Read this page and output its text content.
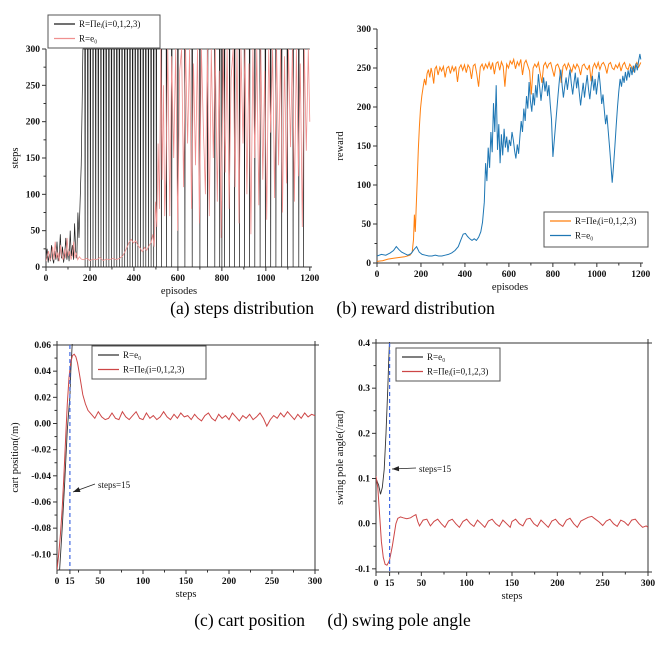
0	200	400	600	800	1000	1200
0
50
100
150
200
250
300
episodes
steps
R=Πeᵢ(i=0,1,2,3)
R=e₀
0	200	400	600	800	1000	1200
0
50
100
150
200
250
300
episodes
reward
R=Πeᵢ(i=0,1,2,3)
R=e₀
(a) steps distribution (b) reward distribution
0 15 50	100	150	200	250	300
0.06
0.04
0.02
0.00
-0.02
-0.04
-0.06
-0.08
-0.10
steps
cart position(/m)	steps=15
R=e₀
R=Πeᵢ(i=0,1,2,3)
0 15 50	100	150	200	250	300
0.4
0.3
0.2
0.1
0.0
-0.1
steps
swing pole angle(/rad)	steps=15
R=e₀
R=Πeᵢ(i=0,1,2,3)
(c) cart position (d) swing pole angle
